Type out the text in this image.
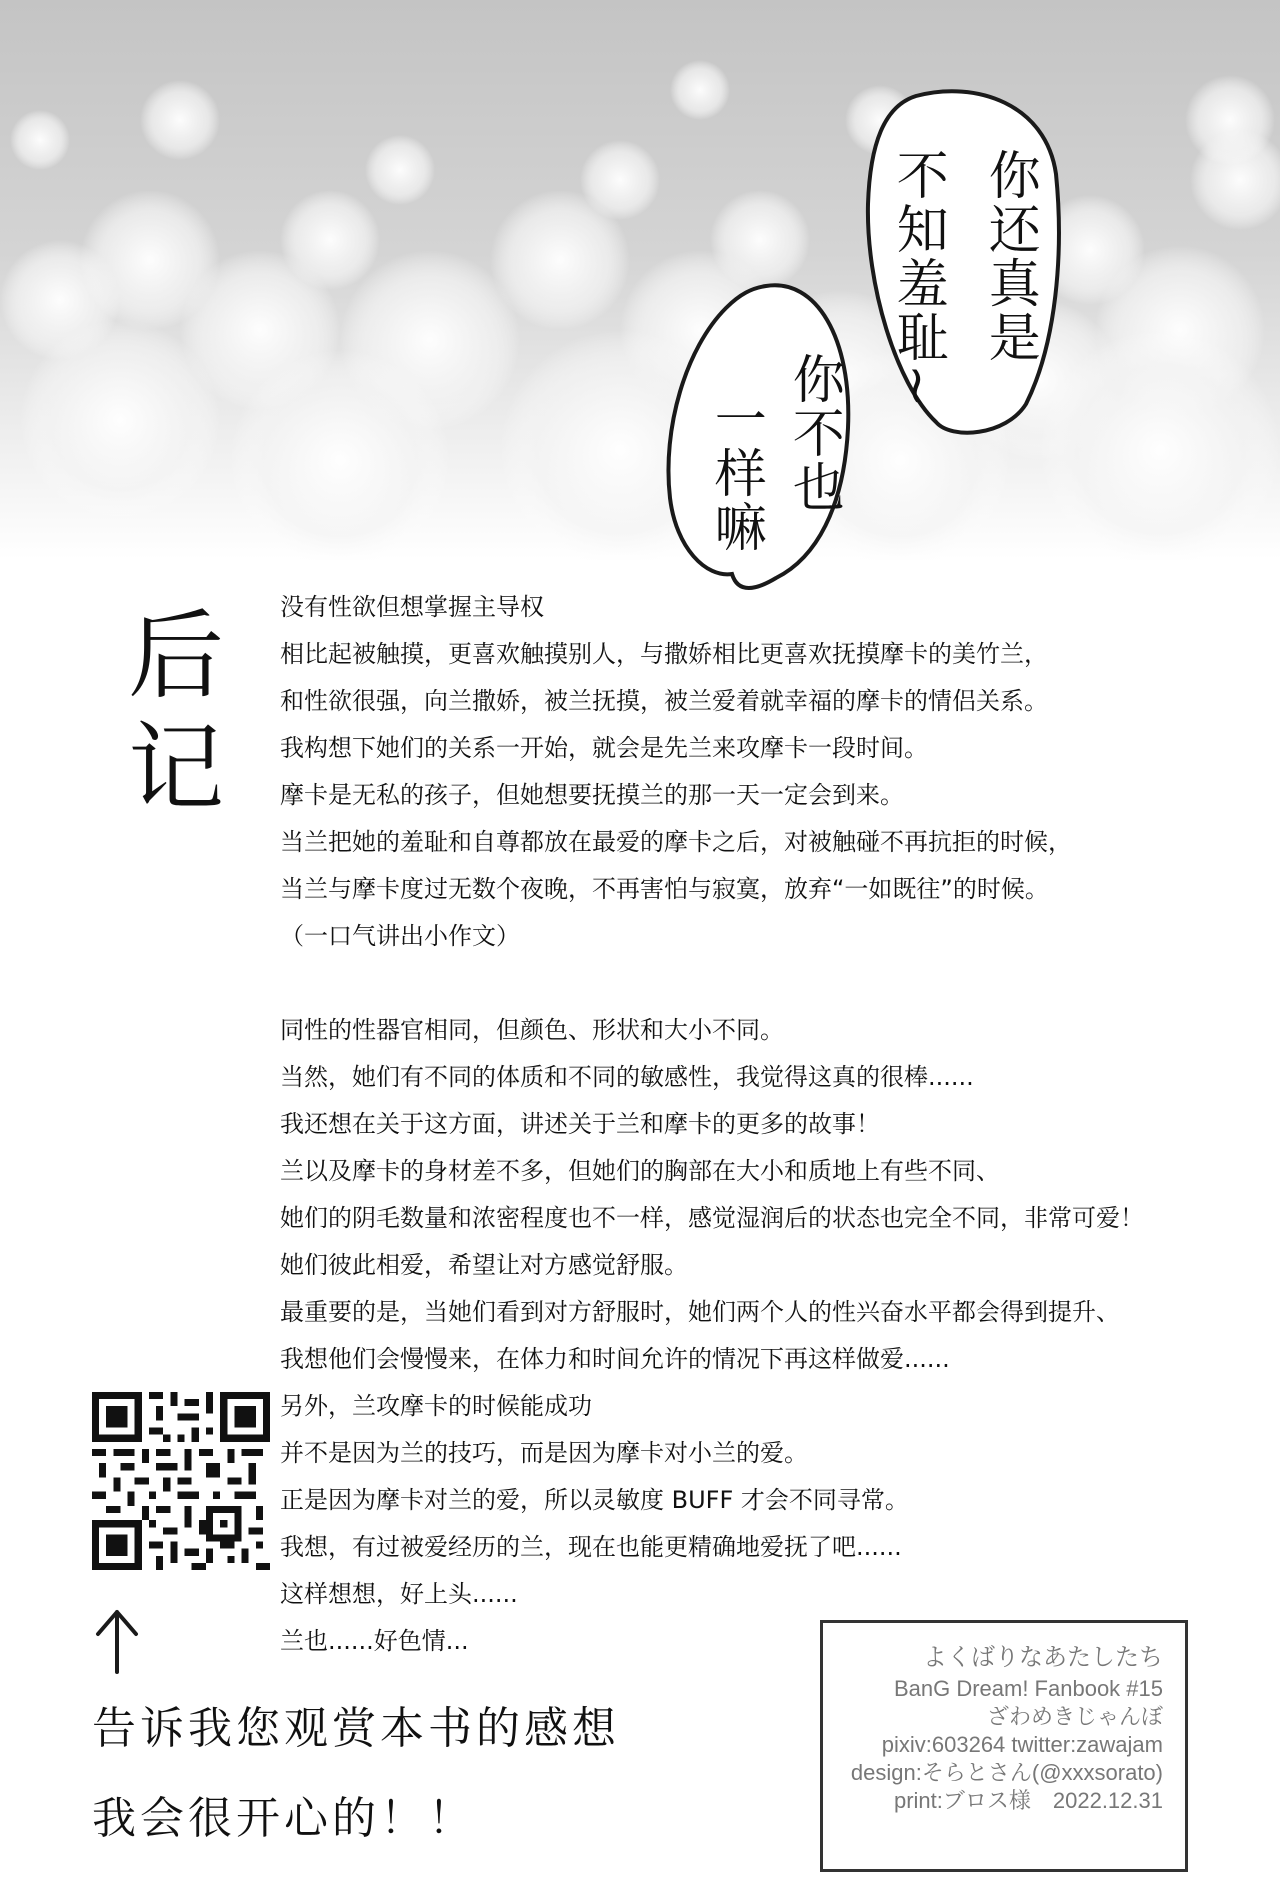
你还真是
不知羞耻~
你不也
一样嘛
后记
没有性欲但想掌握主导权
相比起被触摸，更喜欢触摸别人，与撒娇相比更喜欢抚摸摩卡的美竹兰，
和性欲很强，向兰撒娇，被兰抚摸，被兰爱着就幸福的摩卡的情侣关系。
我构想下她们的关系一开始，就会是先兰来攻摩卡一段时间。
摩卡是无私的孩子，但她想要抚摸兰的那一天一定会到来。
当兰把她的羞耻和自尊都放在最爱的摩卡之后，对被触碰不再抗拒的时候，
当兰与摩卡度过无数个夜晚，不再害怕与寂寞，放弃“一如既往”的时候。
（一口气讲出小作文）
同性的性器官相同，但颜色、形状和大小不同。
当然，她们有不同的体质和不同的敏感性，我觉得这真的很棒......
我还想在关于这方面，讲述关于兰和摩卡的更多的故事！
兰以及摩卡的身材差不多，但她们的胸部在大小和质地上有些不同、
她们的阴毛数量和浓密程度也不一样，感觉湿润后的状态也完全不同，非常可爱！
她们彼此相爱，希望让对方感觉舒服。
最重要的是，当她们看到对方舒服时，她们两个人的性兴奋水平都会得到提升、
我想他们会慢慢来，在体力和时间允许的情况下再这样做爱......
另外，兰攻摩卡的时候能成功
并不是因为兰的技巧，而是因为摩卡对小兰的爱。
正是因为摩卡对兰的爱，所以灵敏度 BUFF 才会不同寻常。
我想，有过被爱经历的兰，现在也能更精确地爱抚了吧......
这样想想，好上头......
兰也......好色情...
告诉我您观赏本书的感想
我会很开心的！！
よくばりなあたしたち
BanG Dream! Fanbook #15
ざわめきじゃんぼ
pixiv:603264 twitter:zawajam
design:そらとさん(@xxxsorato)
print:ブロス様　2022.12.31
